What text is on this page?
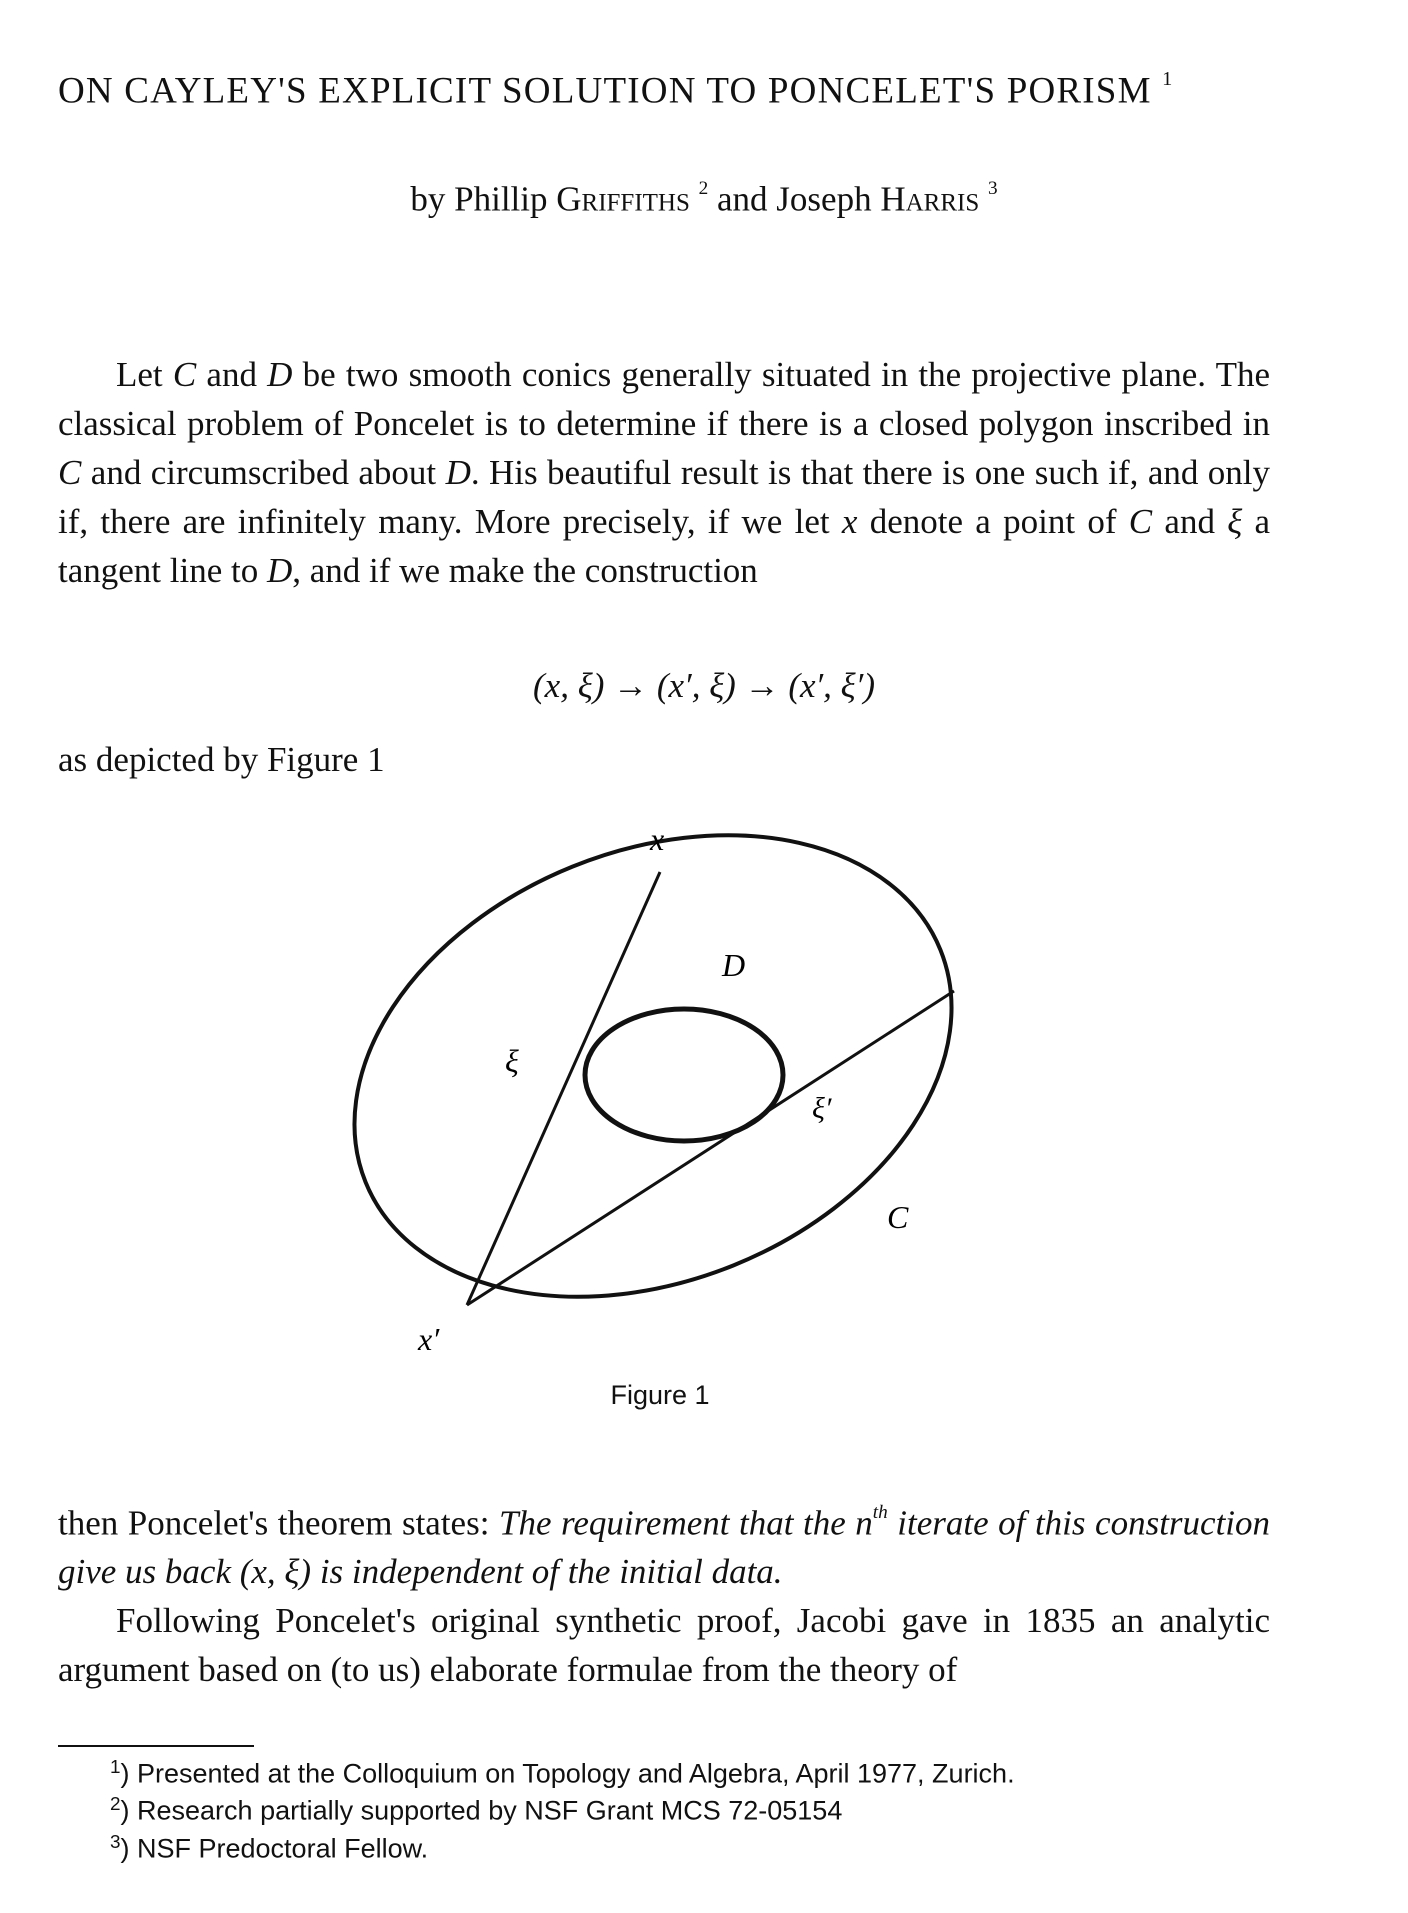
ON CAYLEY'S EXPLICIT SOLUTION TO PONCELET'S PORISM $^1$
by Phillip Griffiths $^2$ and Joseph Harris $^3$
Let C and D be two smooth conics generally situated in the projective plane. The classical problem of Poncelet is to determine if there is a closed polygon inscribed in C and circumscribed about D. His beautiful result is that there is one such if, and only if, there are infinitely many. More precisely, if we let x denote a point of C and ξ a tangent line to D, and if we make the construction
(x, ξ) → (x′, ξ) → (x′, ξ′)
as depicted by Figure 1
x
D
ξ
ξ′
C
x′
Figure 1
then Poncelet's theorem states: The requirement that the $n^{th}$ iterate of this construction give us back (x, ξ) is independent of the initial data.
Following Poncelet's original synthetic proof, Jacobi gave in 1835 an analytic argument based on (to us) elaborate formulae from the theory of
$^1$) Presented at the Colloquium on Topology and Algebra, April 1977, Zurich.
$^2$) Research partially supported by NSF Grant MCS 72-05154
$^3$) NSF Predoctoral Fellow.
